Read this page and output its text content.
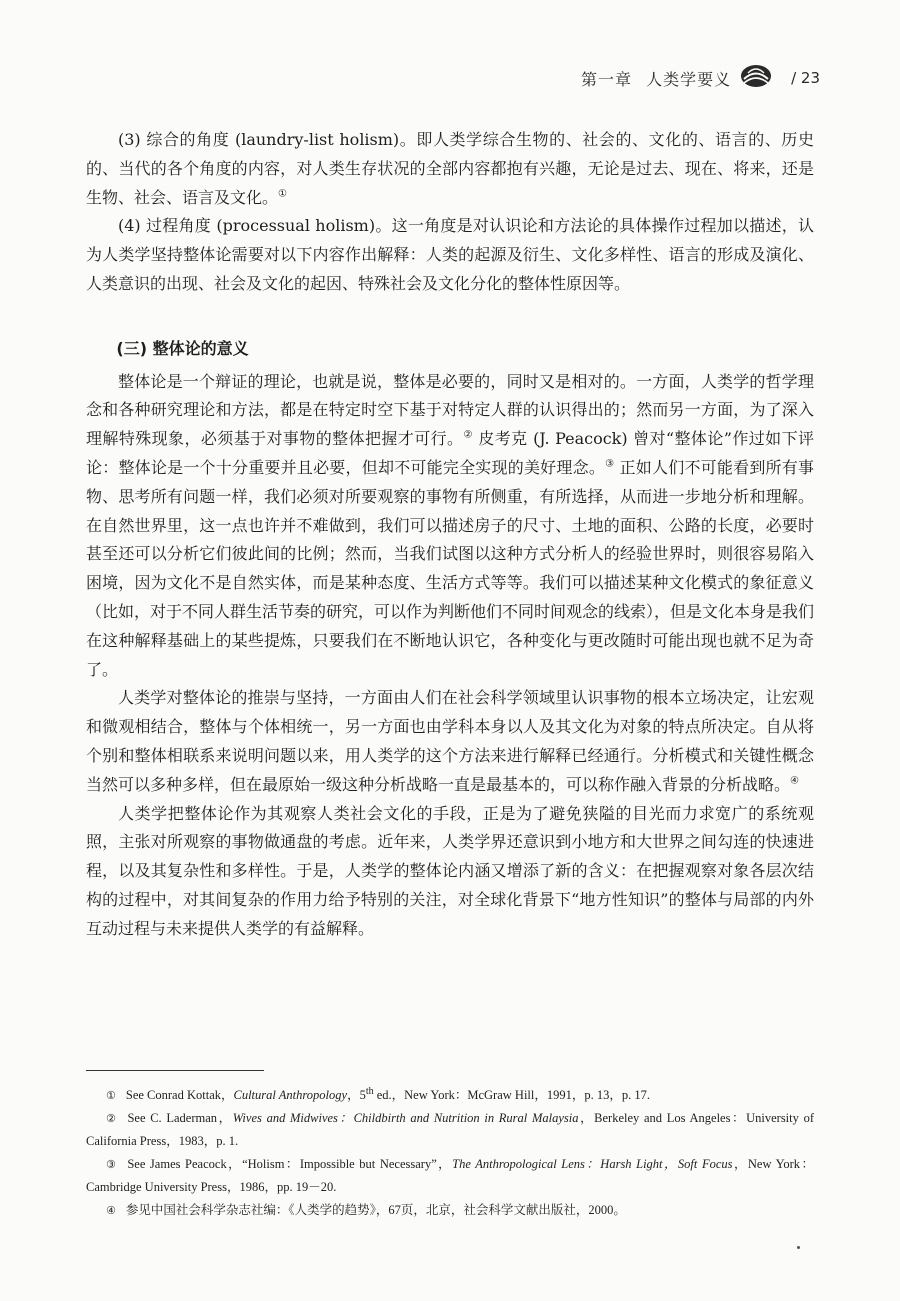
第一章 人类学要义	/ 23

(3) 综合的角度 (laundry-list holism)。即人类学综合生物的、社会的、文化的、语言的、历史的、当代的各个角度的内容，对人类生存状况的全部内容都抱有兴趣，无论是过去、现在、将来，还是生物、社会、语言及文化。①

(4) 过程角度 (processual holism)。这一角度是对认识论和方法论的具体操作过程加以描述，认为人类学坚持整体论需要对以下内容作出解释：人类的起源及衍生、文化多样性、语言的形成及演化、人类意识的出现、社会及文化的起因、特殊社会及文化分化的整体性原因等。

(三) 整体论的意义

整体论是一个辩证的理论，也就是说，整体是必要的，同时又是相对的。一方面，人类学的哲学理念和各种研究理论和方法，都是在特定时空下基于对特定人群的认识得出的；然而另一方面，为了深入理解特殊现象，必须基于对事物的整体把握才可行。② 皮考克 (J. Peacock) 曾对“整体论”作过如下评论：整体论是一个十分重要并且必要，但却不可能完全实现的美好理念。③ 正如人们不可能看到所有事物、思考所有问题一样，我们必须对所要观察的事物有所侧重，有所选择，从而进一步地分析和理解。在自然世界里，这一点也许并不难做到，我们可以描述房子的尺寸、土地的面积、公路的长度，必要时甚至还可以分析它们彼此间的比例；然而，当我们试图以这种方式分析人的经验世界时，则很容易陷入困境，因为文化不是自然实体，而是某种态度、生活方式等等。我们可以描述某种文化模式的象征意义（比如，对于不同人群生活节奏的研究，可以作为判断他们不同时间观念的线索），但是文化本身是我们在这种解释基础上的某些提炼，只要我们在不断地认识它，各种变化与更改随时可能出现也就不足为奇了。

人类学对整体论的推崇与坚持，一方面由人们在社会科学领域里认识事物的根本立场决定，让宏观和微观相结合，整体与个体相统一，另一方面也由学科本身以人及其文化为对象的特点所决定。自从将个别和整体相联系来说明问题以来，用人类学的这个方法来进行解释已经通行。分析模式和关键性概念当然可以多种多样，但在最原始一级这种分析战略一直是最基本的，可以称作融入背景的分析战略。④

人类学把整体论作为其观察人类社会文化的手段，正是为了避免狭隘的目光而力求宽广的系统观照，主张对所观察的事物做通盘的考虑。近年来，人类学界还意识到小地方和大世界之间勾连的快速进程，以及其复杂性和多样性。于是，人类学的整体论内涵又增添了新的含义：在把握观察对象各层次结构的过程中，对其间复杂的作用力给予特别的关注，对全球化背景下“地方性知识”的整体与局部的内外互动过程与未来提供人类学的有益解释。

① See Conrad Kottak，Cultural Anthropology，5th ed.，New York：McGraw Hill，1991，p. 13，p. 17.

② See C. Laderman，Wives and Midwives：Childbirth and Nutrition in Rural Malaysia，Berkeley and Los Angeles：University of California Press，1983，p. 1.

③ See James Peacock，“Holism：Impossible but Necessary”，The Anthropological Lens：Harsh Light，Soft Focus，New York：Cambridge University Press，1986，pp. 19－20.

④ 参见中国社会科学杂志社编：《人类学的趋势》，67页，北京，社会科学文献出版社，2000。
